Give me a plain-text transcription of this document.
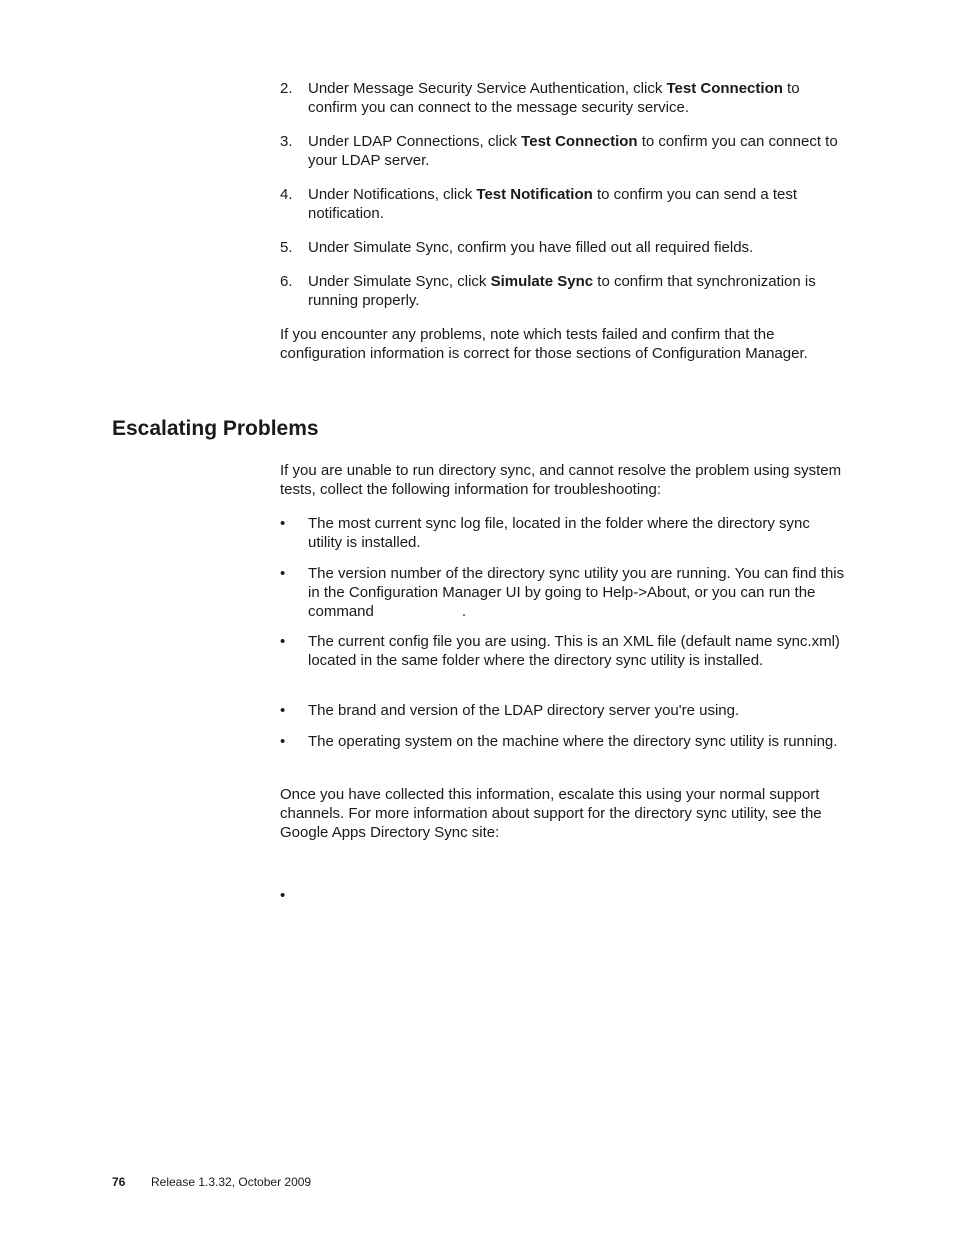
2. Under Message Security Service Authentication, click Test Connection to confirm you can connect to the message security service.
3. Under LDAP Connections, click Test Connection to confirm you can connect to your LDAP server.
4. Under Notifications, click Test Notification to confirm you can send a test notification.
5. Under Simulate Sync, confirm you have filled out all required fields.
6. Under Simulate Sync, click Simulate Sync to confirm that synchronization is running properly.
If you encounter any problems, note which tests failed and confirm that the configuration information is correct for those sections of Configuration Manager.
Escalating Problems
If you are unable to run directory sync, and cannot resolve the problem using system tests, collect the following information for troubleshooting:
• The most current sync log file, located in the folder where the directory sync utility is installed.
• The version number of the directory sync utility you are running. You can find this in the Configuration Manager UI by going to Help->About, or you can run the command	.
• The current config file you are using. This is an XML file (default name sync.xml) located in the same folder where the directory sync utility is installed.
• The brand and version of the LDAP directory server you're using.
• The operating system on the machine where the directory sync utility is running.
Once you have collected this information, escalate this using your normal support channels. For more information about support for the directory sync utility, see the Google Apps Directory Sync site:
•
76 Release 1.3.32, October 2009
